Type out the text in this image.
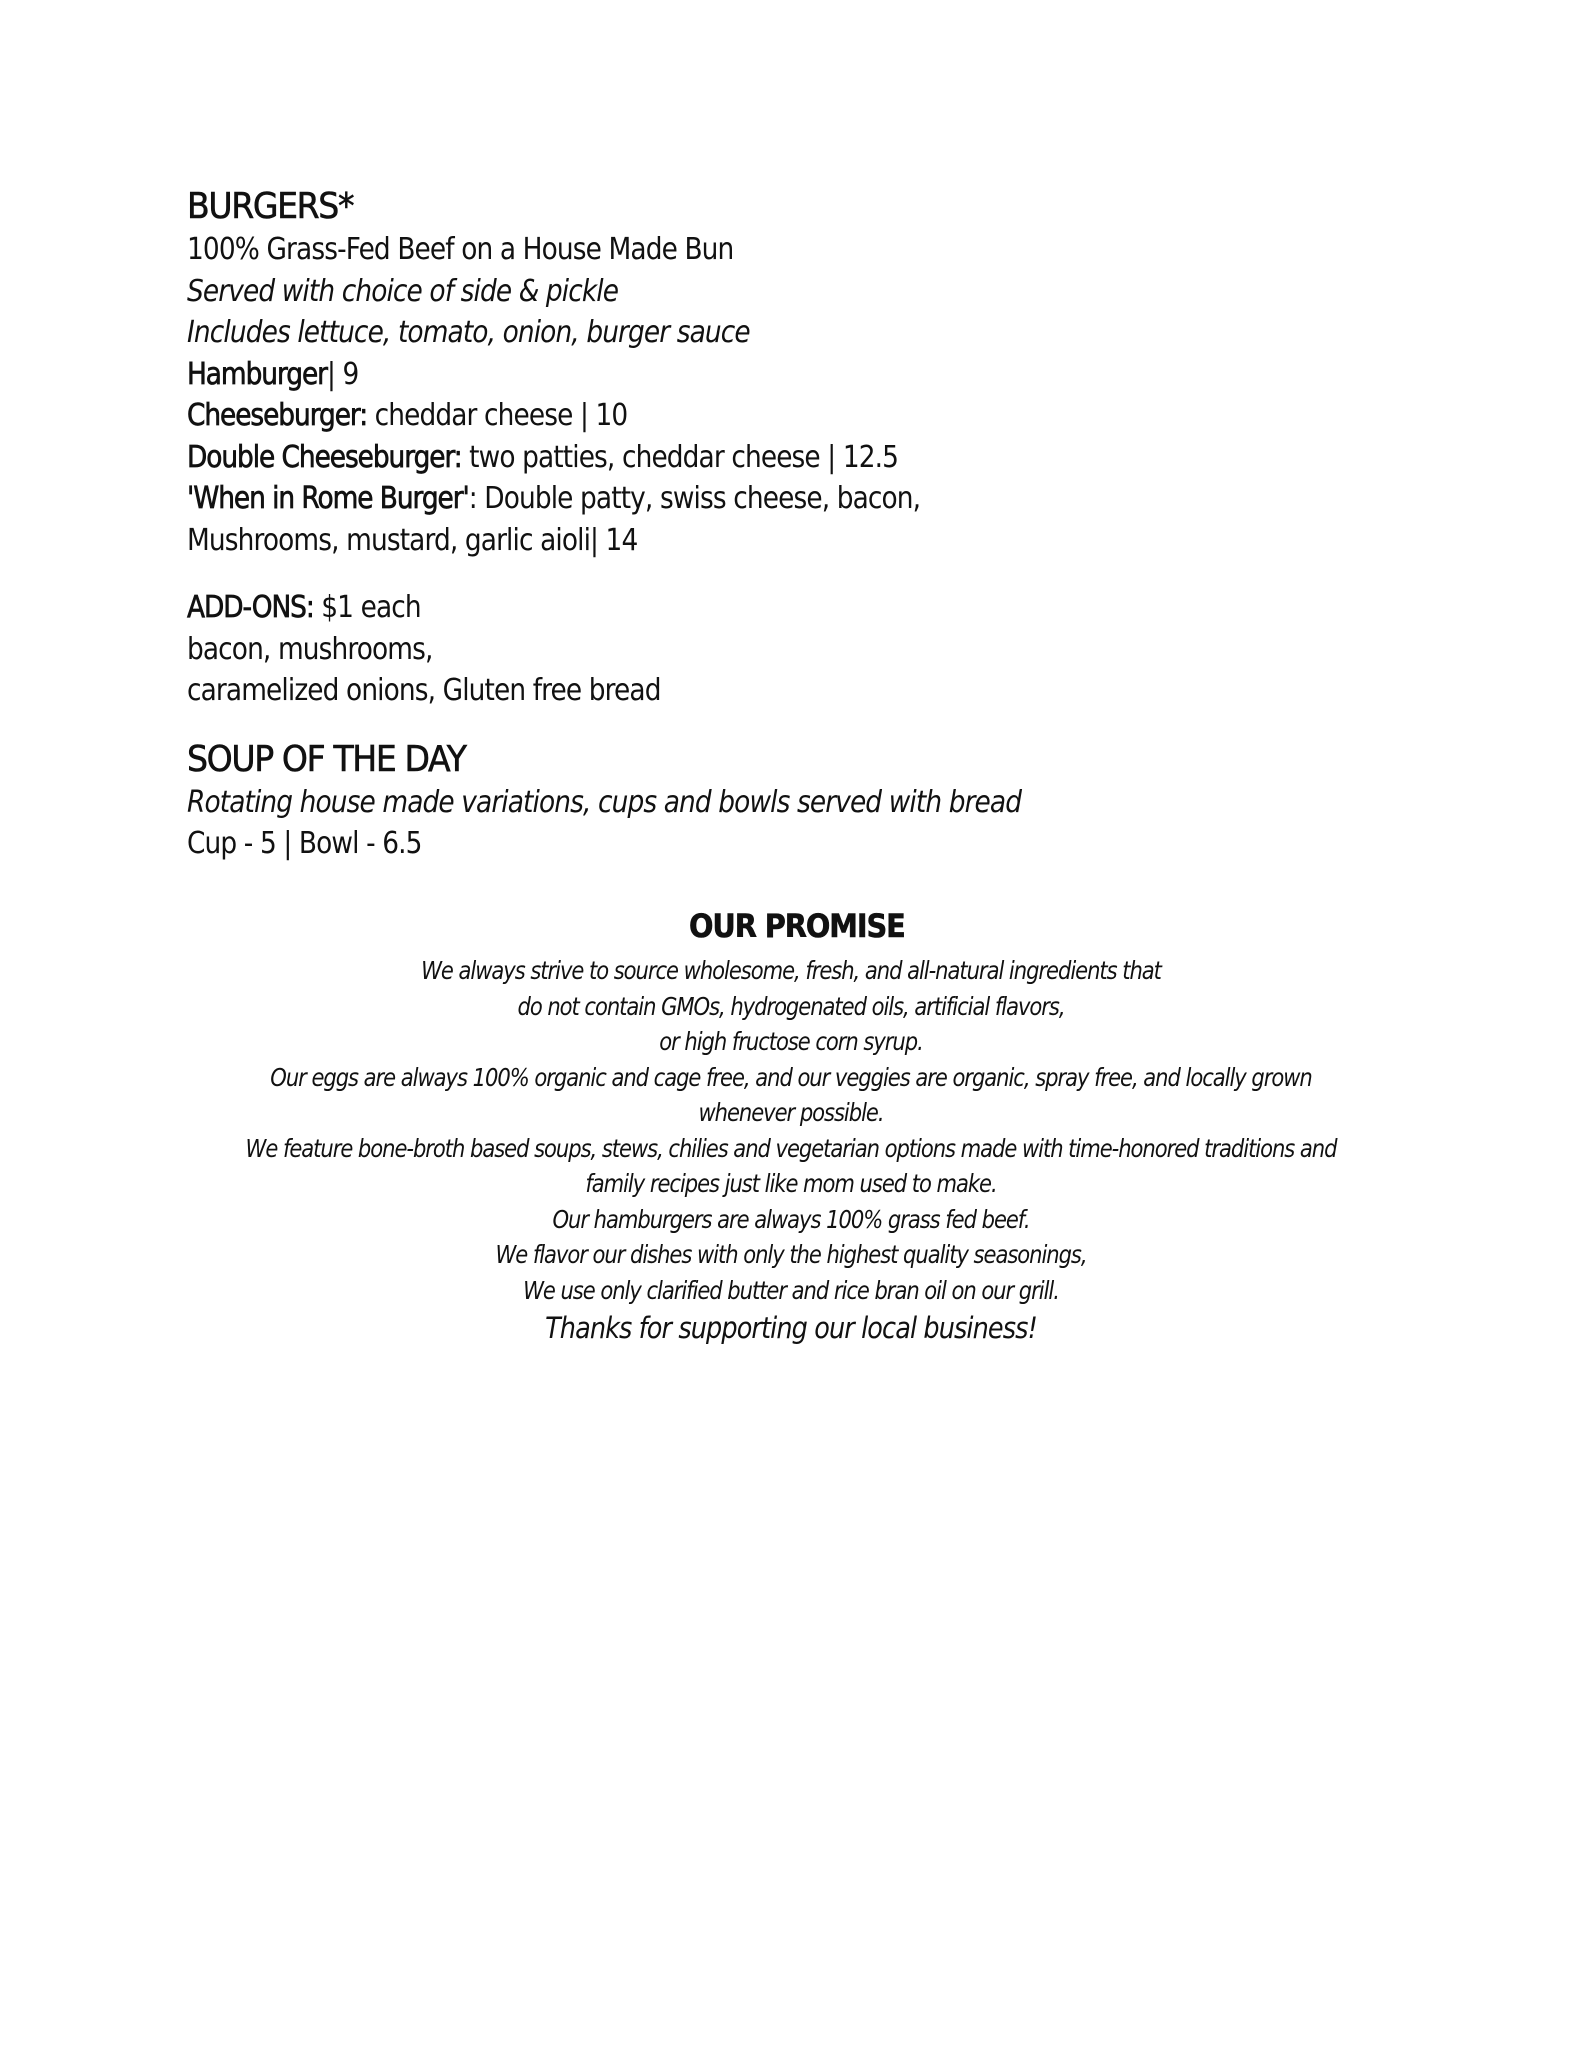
BURGERS*

100% Grass-Fed Beef on a House Made Bun

Served with choice of side & pickle

Includes lettuce, tomato, onion, burger sauce

Hamburger| 9

Cheeseburger: cheddar cheese | 10

Double Cheeseburger: two patties, cheddar cheese | 12.5

'When in Rome Burger': Double patty, swiss cheese, bacon,

Mushrooms, mustard, garlic aioli| 14

ADD-ONS: $1 each

bacon, mushrooms,

caramelized onions, Gluten free bread

SOUP OF THE DAY

Rotating house made variations, cups and bowls served with bread

Cup - 5 | Bowl - 6.5

OUR PROMISE

We always strive to source wholesome, fresh, and all-natural ingredients that

do not contain GMOs, hydrogenated oils, artificial flavors,

or high fructose corn syrup.

Our eggs are always 100% organic and cage free, and our veggies are organic, spray free, and locally grown

whenever possible.

We feature bone-broth based soups, stews, chilies and vegetarian options made with time-honored traditions and

family recipes just like mom used to make.

Our hamburgers are always 100% grass fed beef.

We flavor our dishes with only the highest quality seasonings,

We use only clarified butter and rice bran oil on our grill.

Thanks for supporting our local business!
